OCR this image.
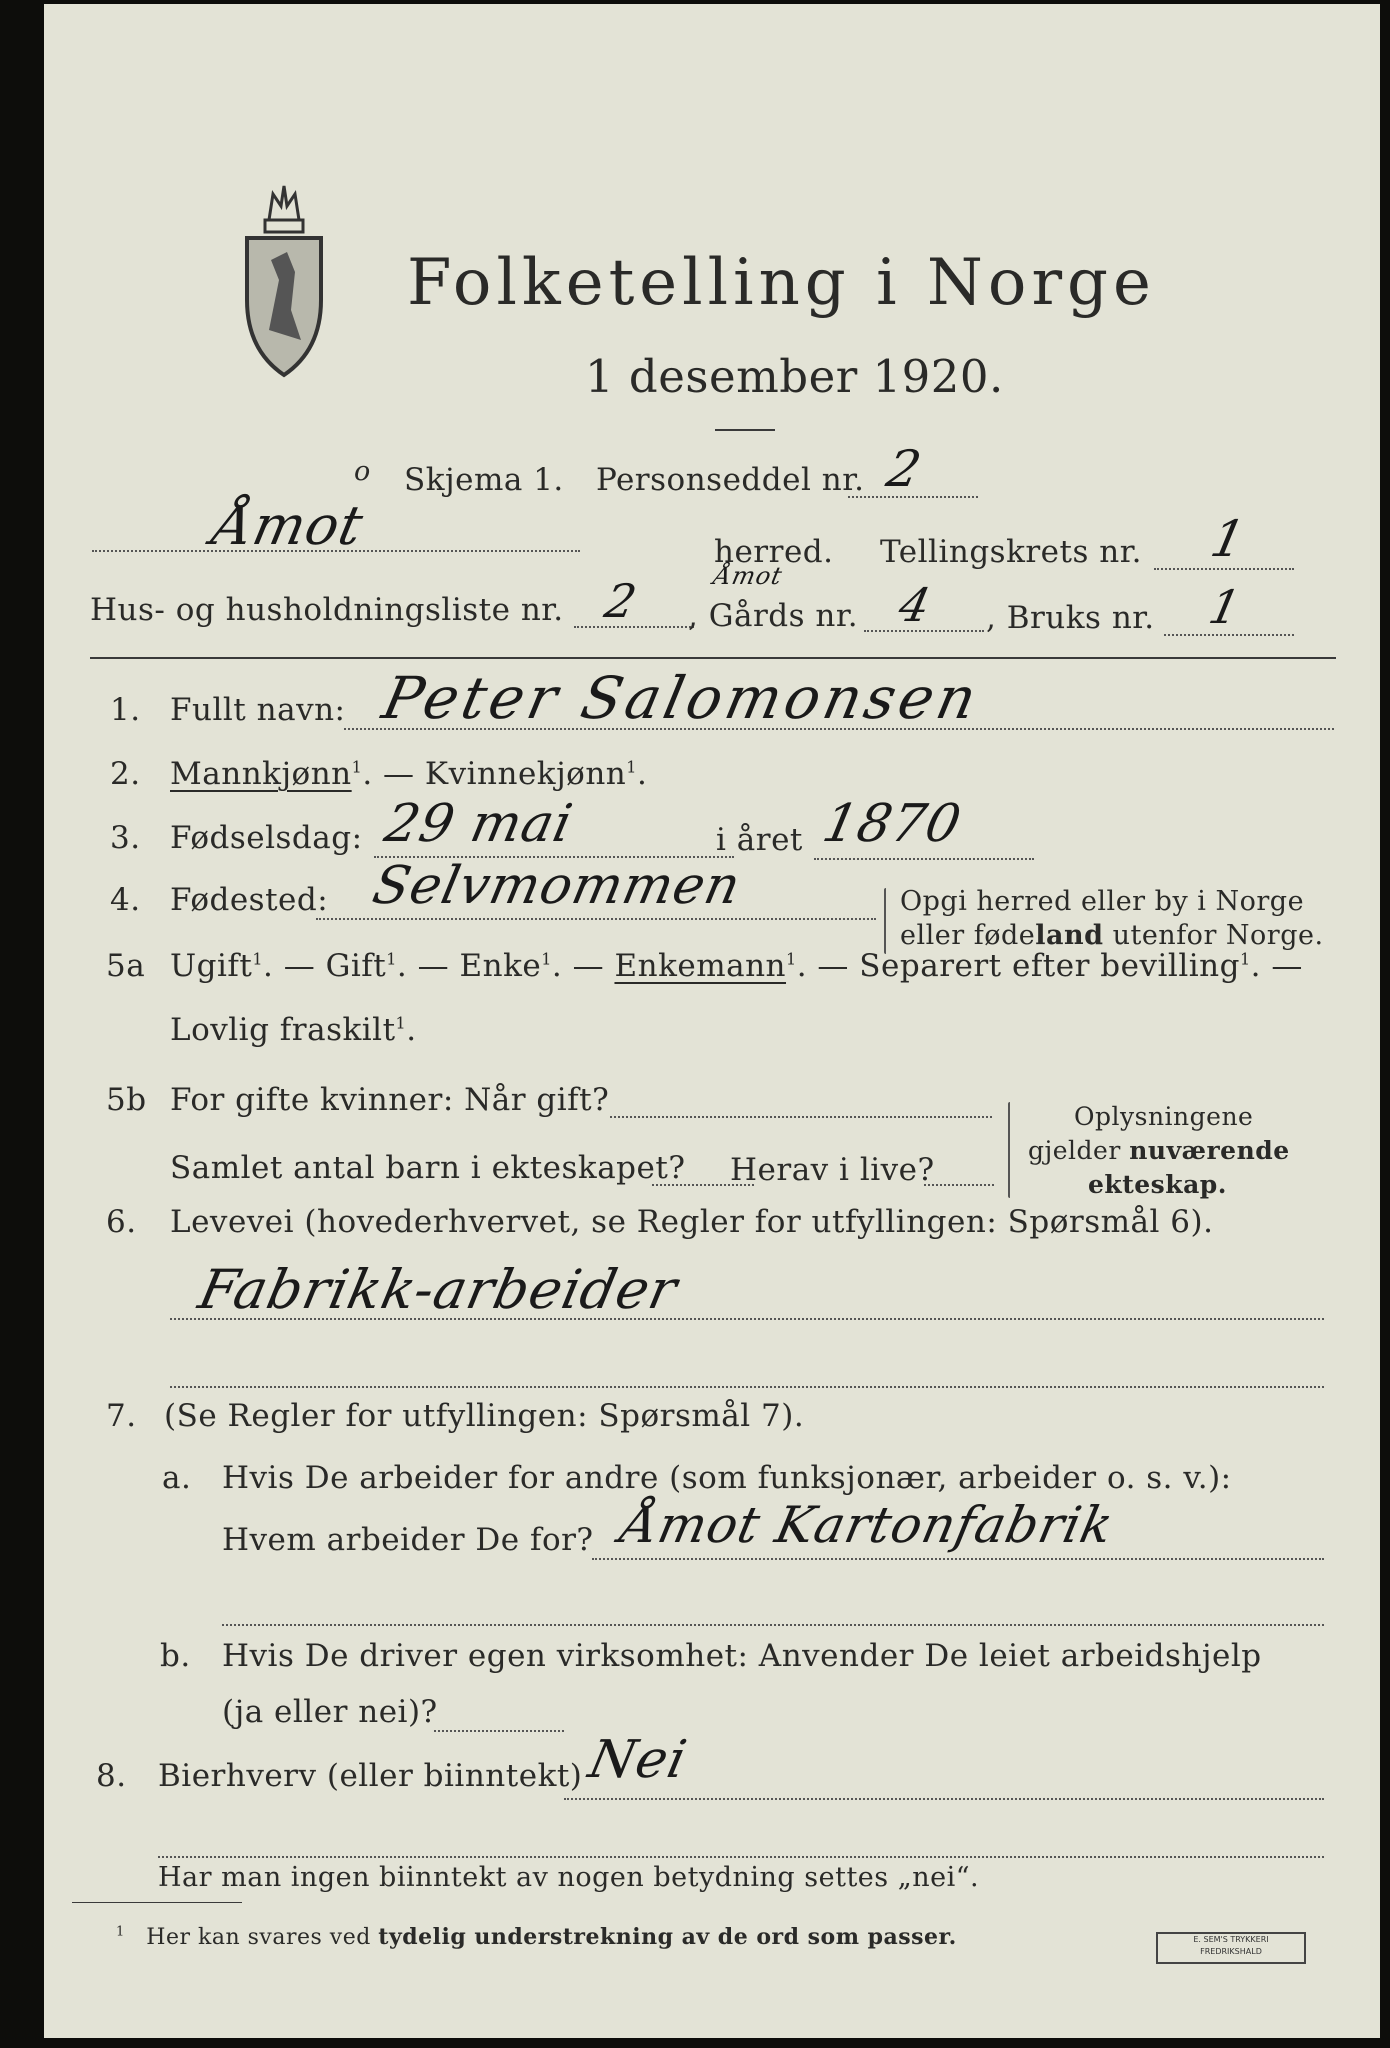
Folketelling i Norge
1 desember 1920.
o Skjema 1. Personseddel nr. 2
Åmot	herred. Tellingskrets nr. 1
Hus- og husholdningsliste nr. 2	Åmot
, Gårds nr. 4 , Bruks nr. 1
1. Fullt navn: Peter Salomonsen
2. Mannkjønn$^1$. — Kvinnekjønn$^1$.
3. Fødselsdag: 29 mai	i året 1870
4. Fødested: Selvmommen	Opgi herred eller by i Norge
eller fødeland utenfor Norge.
5a Ugift$^1$. — Gift$^1$. — Enke$^1$. — Enkemann$^1$. — Separert efter bevilling$^1$. —
Lovlig fraskilt$^1$.
5b For gifte kvinner: Når gift?
Samlet antal barn i ekteskapet? Herav i live?
Oplysningene
gjelder nuværende
ekteskap.
6. Levevei (hovederhvervet, se Regler for utfyllingen: Spørsmål 6).
Fabrikk-arbeider
7. (Se Regler for utfyllingen: Spørsmål 7).
a. Hvis De arbeider for andre (som funksjonær, arbeider o. s. v.):
Hvem arbeider De for? Åmot Kartonfabrik
b. Hvis De driver egen virksomhet: Anvender De leiet arbeidshjelp
(ja eller nei)?
8. Bierhverv (eller biinntekt) Nei
Har man ingen biinntekt av nogen betydning settes „nei“.
$^1$ Her kan svares ved tydelig understrekning av de ord som passer.	E. SEM'S TRYKKERI
FREDRIKSHALD
